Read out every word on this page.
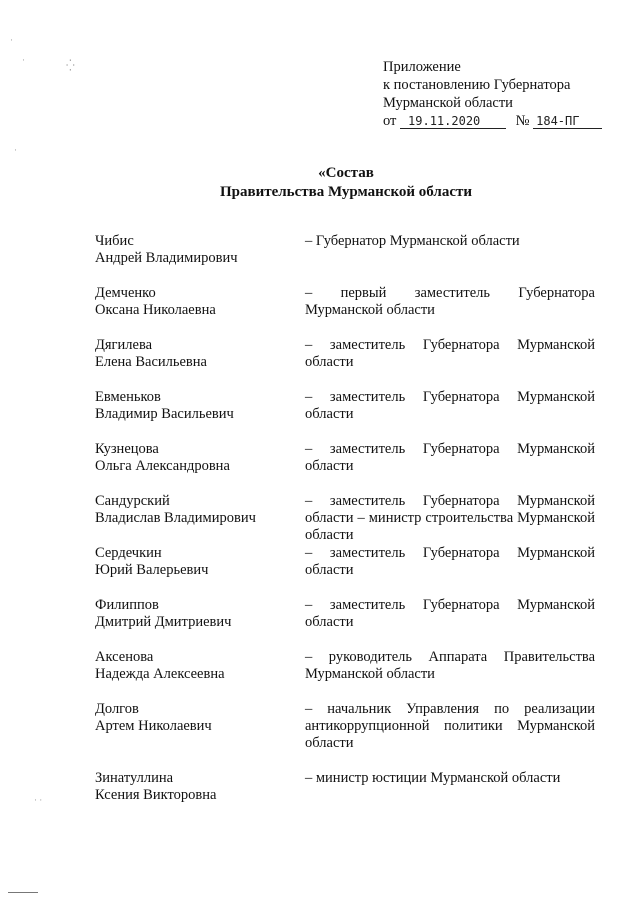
˘ ˘ ¨ ¨
·
·	⁛
·
· ·
Приложение
к постановлению Губернатора
Мурманской области
от 19.11.2020 № 184-ПГ
«Состав
Правительства Мурманской области
Чибис
Андрей Владимирович
– Губернатор Мурманской области
Демченко
Оксана Николаевна
– первый заместитель Губернатора Мурманской области
Дягилева
Елена Васильевна
– заместитель Губернатора Мурманской области
Евменьков
Владимир Васильевич
– заместитель Губернатора Мурманской области
Кузнецова
Ольга Александровна
– заместитель Губернатора Мурманской области
Сандурский
Владислав Владимирович
– заместитель Губернатора Мурманской области – министр строительства Мурманской области
Сердечкин
Юрий Валерьевич
– заместитель Губернатора Мурманской области
Филиппов
Дмитрий Дмитриевич
– заместитель Губернатора Мурманской области
Аксенова
Надежда Алексеевна
– руководитель Аппарата Правительства Мурманской области
Долгов
Артем Николаевич
– начальник Управления по реализации антикоррупционной политики Мурманской области
Зинатуллина
Ксения Викторовна
– министр юстиции Мурманской области
